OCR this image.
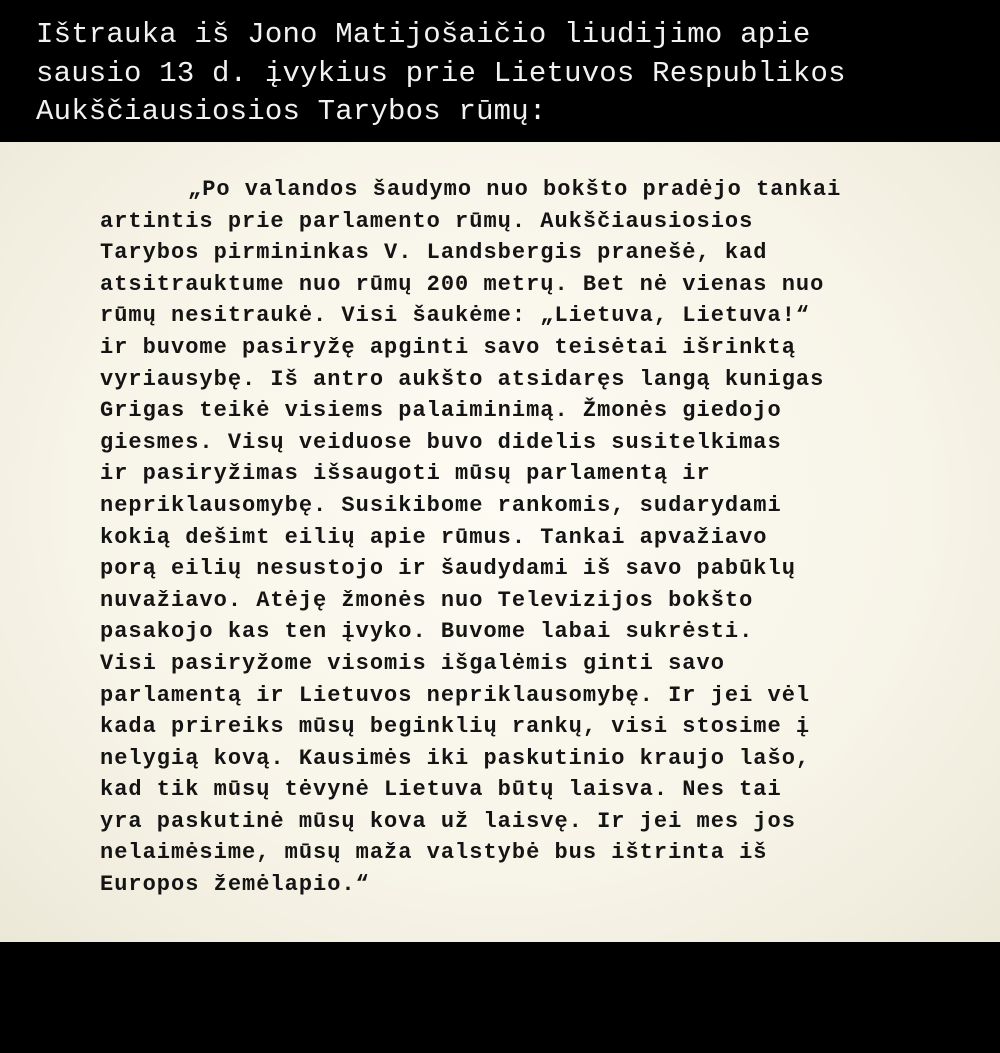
Ištrauka iš Jono Matijošaičio liudijimo apie
sausio 13 d. įvykius prie Lietuvos Respublikos
Aukščiausiosios Tarybos rūmų:
„Po valandos šaudymo nuo bokšto pradėjo tankai
artintis prie parlamento rūmų. Aukščiausiosios
Tarybos pirmininkas V. Landsbergis pranešė, kad
atsitrauktume nuo rūmų 200 metrų. Bet nė vienas nuo
rūmų nesitraukė. Visi šaukėme: „Lietuva, Lietuva!“
ir buvome pasiryžę apginti savo teisėtai išrinktą
vyriausybę. Iš antro aukšto atsidaręs langą kunigas
Grigas teikė visiems palaiminimą. Žmonės giedojo
giesmes. Visų veiduose buvo didelis susitelkimas
ir pasiryžimas išsaugoti mūsų parlamentą ir
nepriklausomybę. Susikibome rankomis, sudarydami
kokią dešimt eilių apie rūmus. Tankai apvažiavo
porą eilių nesustojo ir šaudydami iš savo pabūklų
nuvažiavo. Atėję žmonės nuo Televizijos bokšto
pasakojo kas ten įvyko. Buvome labai sukrėsti.
Visi pasiryžome visomis išgalėmis ginti savo
parlamentą ir Lietuvos nepriklausomybę. Ir jei vėl
kada prireiks mūsų beginklių rankų, visi stosime į
nelygią kovą. Kausimės iki paskutinio kraujo lašo,
kad tik mūsų tėvynė Lietuva būtų laisva. Nes tai
yra paskutinė mūsų kova už laisvę. Ir jei mes jos
nelaimėsime, mūsų maža valstybė bus ištrinta iš
Europos žemėlapio.“
